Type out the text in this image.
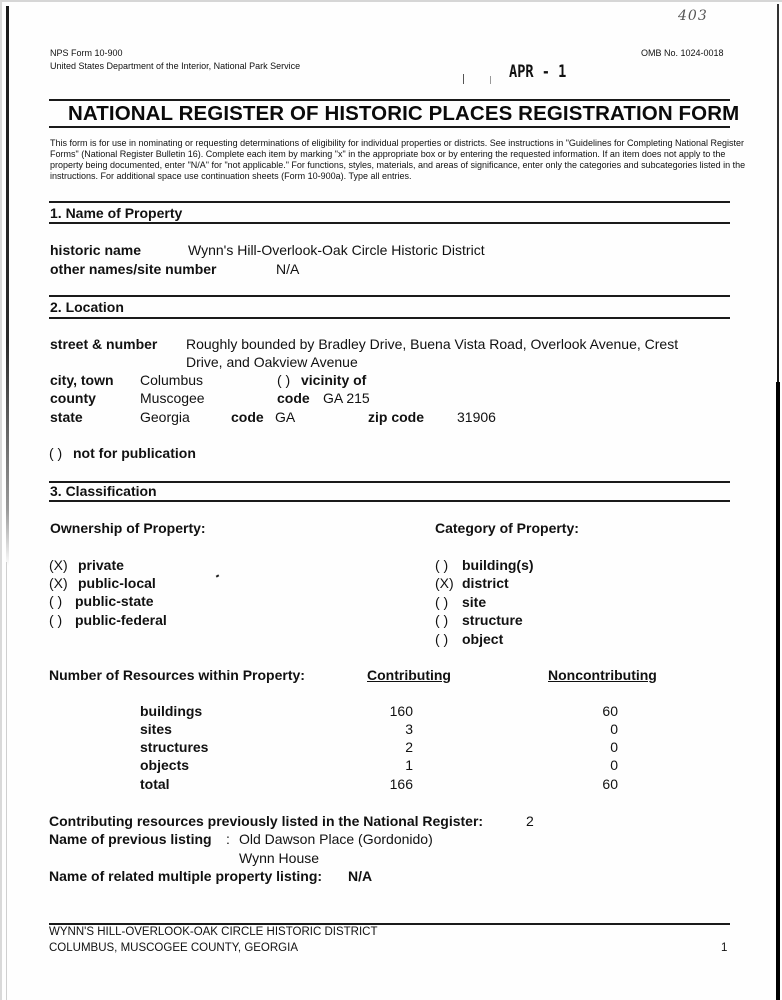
NPS Form 10-900
United States Department of the Interior, National Park Service
OMB No. 1024-0018
403
APR - 1
NATIONAL REGISTER OF HISTORIC PLACES REGISTRATION FORM
This form is for use in nominating or requesting determinations of eligibility for individual properties or districts. See instructions in "Guidelines for Completing National Register Forms" (National Register Bulletin 16). Complete each item by marking "x" in the appropriate box or by entering the requested information. If an item does not apply to the property being documented, enter "N/A" for "not applicable." For functions, styles, materials, and areas of significance, enter only the categories and subcategories listed in the instructions. For additional space use continuation sheets (Form 10-900a). Type all entries.
1. Name of Property
historic name	Wynn's Hill-Overlook-Oak Circle Historic District
other names/site number	N/A
2. Location
street & number Roughly bounded by Bradley Drive, Buena Vista Road, Overlook Avenue, Crest
Drive, and Oakview Avenue
city, town Columbus	( ) vicinity of
county	Muscogee	code GA 215
state	Georgia	code GA	zip code 31906
( ) not for publication
3. Classification
Ownership of Property:	Category of Property:
(X) private
(X) public-local
( ) public-state
( ) public-federal
( ) building(s)
(X) district
( ) site
( ) structure
( ) object
Number of Resources within Property:	Contributing	Noncontributing
buildings	160	60
sites	3	0
structures	2	0
objects	1	0
total	166	60
Contributing resources previously listed in the National Register:	2
Name of previous listing : Old Dawson Place (Gordonido)
Wynn House
Name of related multiple property listing: N/A
WYNN'S HILL-OVERLOOK-OAK CIRCLE HISTORIC DISTRICT
COLUMBUS, MUSCOGEE COUNTY, GEORGIA	1
